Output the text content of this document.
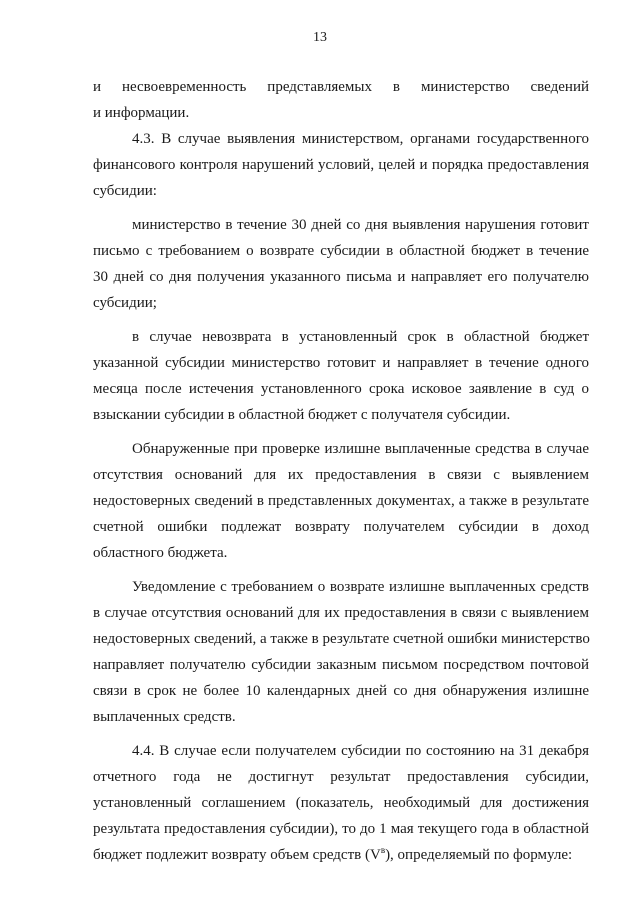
13
и несвоевременность представляемых в министерство сведений
и информации.
4.3. В случае выявления министерством, органами государственного
финансового контроля нарушений условий, целей и порядка предоставления
субсидии:
министерство в течение 30 дней со дня выявления нарушения готовит
письмо с требованием о возврате субсидии в областной бюджет в течение
30 дней со дня получения указанного письма и направляет его получателю
субсидии;
в случае невозврата в установленный срок в областной бюджет
указанной субсидии министерство готовит и направляет в течение одного
месяца после истечения установленного срока исковое заявление в суд о
взыскании субсидии в областной бюджет с получателя субсидии.
Обнаруженные при проверке излишне выплаченные средства в случае
отсутствия оснований для их предоставления в связи с выявлением
недостоверных сведений в представленных документах, а также в результате
счетной ошибки подлежат возврату получателем субсидии в доход
областного бюджета.
Уведомление с требованием о возврате излишне выплаченных средств
в случае отсутствия оснований для их предоставления в связи с выявлением
недостоверных сведений, а также в результате счетной ошибки министерство
направляет получателю субсидии заказным письмом посредством почтовой
связи в срок не более 10 календарных дней со дня обнаружения излишне
выплаченных средств.
4.4. В случае если получателем субсидии по состоянию на 31 декабря
отчетного года не достигнут результат предоставления субсидии,
установленный соглашением (показатель, необходимый для достижения
результата предоставления субсидии), то до 1 мая текущего года в областной
бюджет подлежит возврату объем средств $(V^в)$, определяемый по формуле:
